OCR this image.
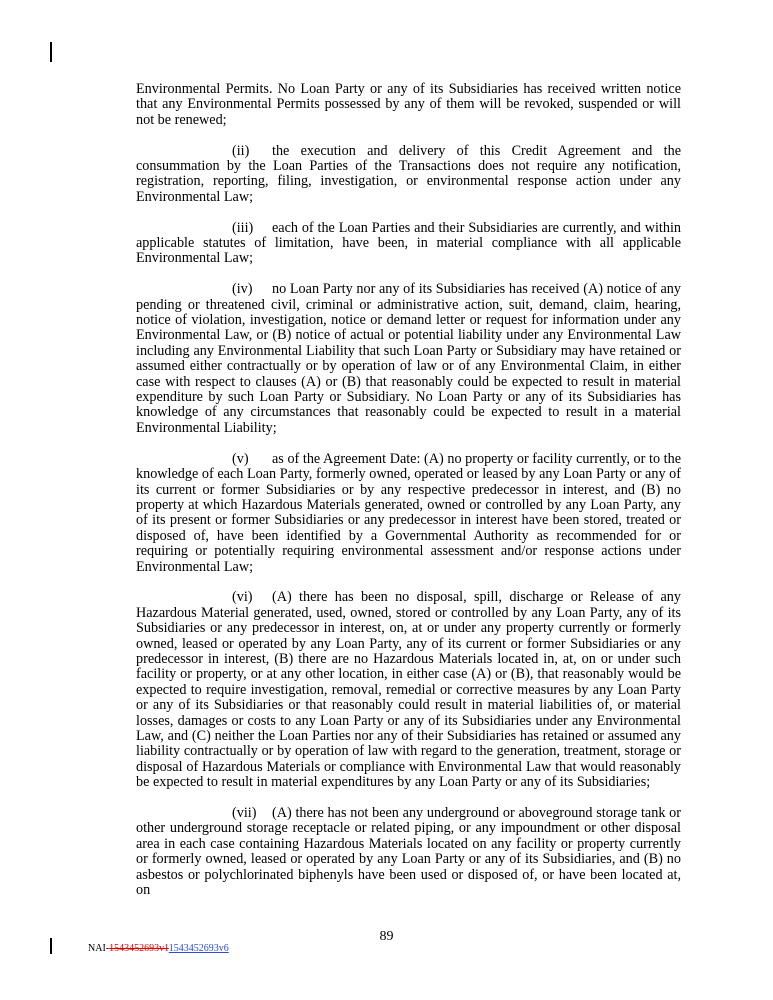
Environmental Permits. No Loan Party or any of its Subsidiaries has received written notice that any Environmental Permits possessed by any of them will be revoked, suspended or will not be renewed;

(ii) the execution and delivery of this Credit Agreement and the consummation by the Loan Parties of the Transactions does not require any notification, registration, reporting, filing, investigation, or environmental response action under any Environmental Law;

(iii) each of the Loan Parties and their Subsidiaries are currently, and within applicable statutes of limitation, have been, in material compliance with all applicable Environmental Law;

(iv) no Loan Party nor any of its Subsidiaries has received (A) notice of any pending or threatened civil, criminal or administrative action, suit, demand, claim, hearing, notice of violation, investigation, notice or demand letter or request for information under any Environmental Law, or (B) notice of actual or potential liability under any Environmental Law including any Environmental Liability that such Loan Party or Subsidiary may have retained or assumed either contractually or by operation of law or of any Environmental Claim, in either case with respect to clauses (A) or (B) that reasonably could be expected to result in material expenditure by such Loan Party or Subsidiary. No Loan Party or any of its Subsidiaries has knowledge of any circumstances that reasonably could be expected to result in a material Environmental Liability;

(v) as of the Agreement Date: (A) no property or facility currently, or to the knowledge of each Loan Party, formerly owned, operated or leased by any Loan Party or any of its current or former Subsidiaries or by any respective predecessor in interest, and (B) no property at which Hazardous Materials generated, owned or controlled by any Loan Party, any of its present or former Subsidiaries or any predecessor in interest have been stored, treated or disposed of, have been identified by a Governmental Authority as recommended for or requiring or potentially requiring environmental assessment and/or response actions under Environmental Law;

(vi) (A) there has been no disposal, spill, discharge or Release of any Hazardous Material generated, used, owned, stored or controlled by any Loan Party, any of its Subsidiaries or any predecessor in interest, on, at or under any property currently or formerly owned, leased or operated by any Loan Party, any of its current or former Subsidiaries or any predecessor in interest, (B) there are no Hazardous Materials located in, at, on or under such facility or property, or at any other location, in either case (A) or (B), that reasonably would be expected to require investigation, removal, remedial or corrective measures by any Loan Party or any of its Subsidiaries or that reasonably could result in material liabilities of, or material losses, damages or costs to any Loan Party or any of its Subsidiaries under any Environmental Law, and (C) neither the Loan Parties nor any of their Subsidiaries has retained or assumed any liability contractually or by operation of law with regard to the generation, treatment, storage or disposal of Hazardous Materials or compliance with Environmental Law that would reasonably be expected to result in material expenditures by any Loan Party or any of its Subsidiaries;

(vii) (A) there has not been any underground or aboveground storage tank or other underground storage receptacle or related piping, or any impoundment or other disposal area in each case containing Hazardous Materials located on any facility or property currently or formerly owned, leased or operated by any Loan Party or any of its Subsidiaries, and (B) no asbestos or polychlorinated biphenyls have been used or disposed of, or have been located at, on

89
NAI-1543452693v11543452693v6
